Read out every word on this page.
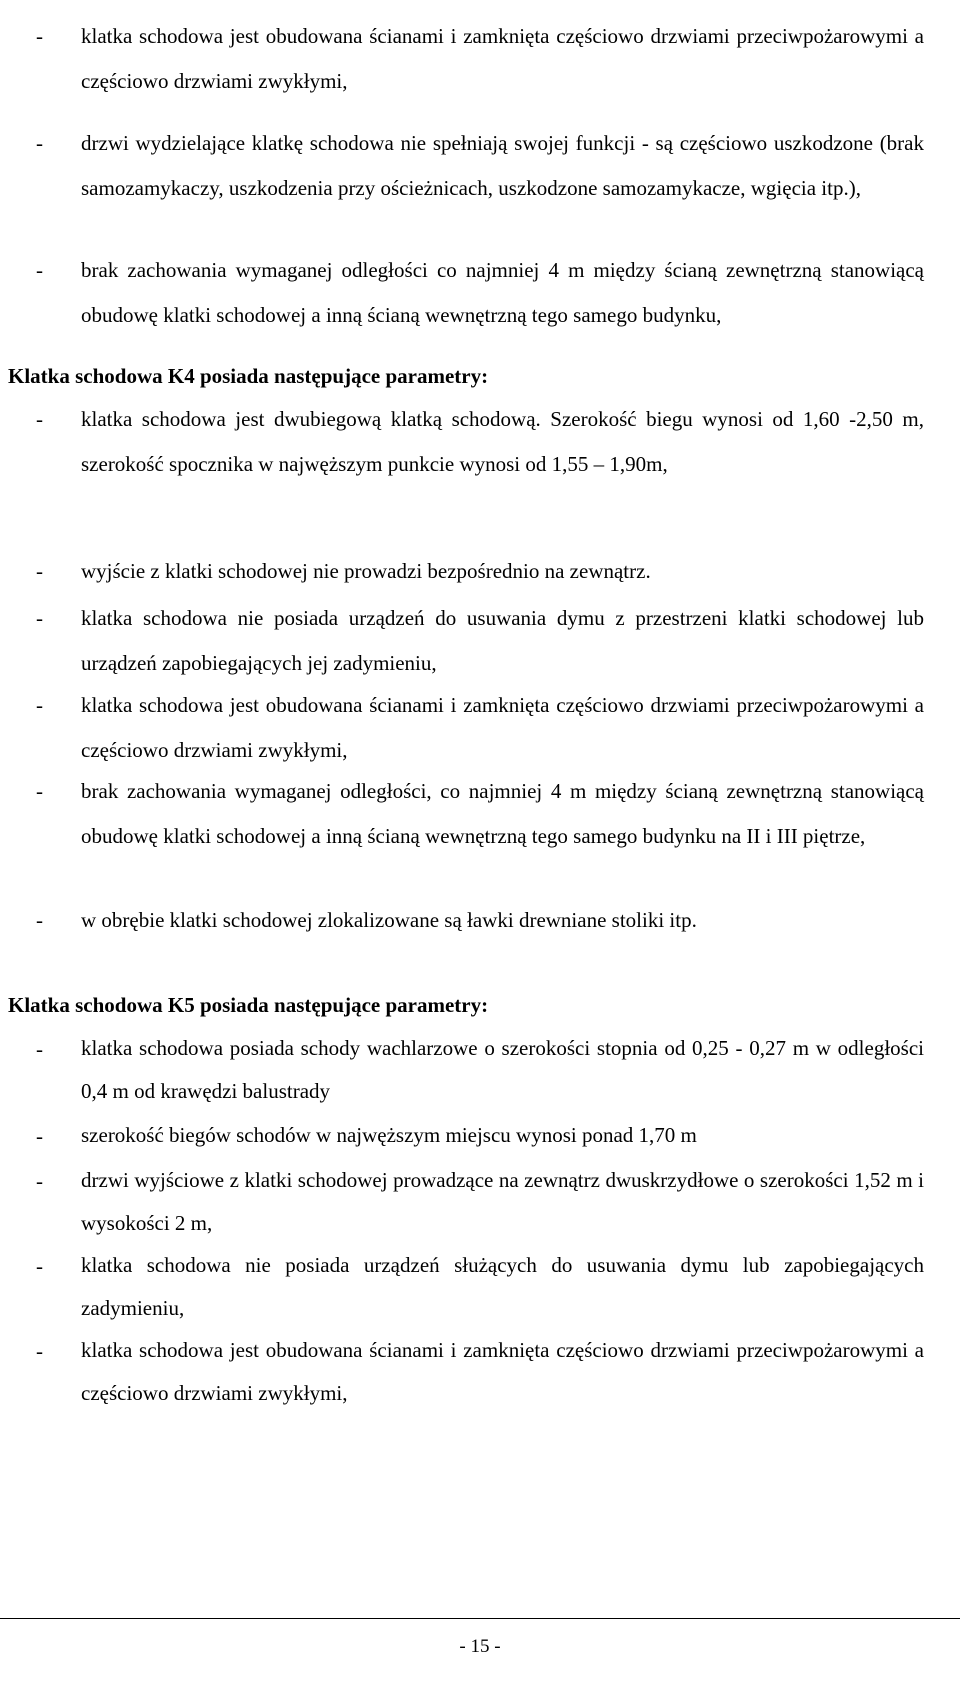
-	klatka schodowa jest obudowana ścianami i zamknięta częściowo drzwiami przeciwpożarowymi a częściowo drzwiami zwykłymi,
-	drzwi wydzielające klatkę schodowa nie spełniają swojej funkcji - są częściowo uszkodzone (brak samozamykaczy, uszkodzenia przy ościeżnicach, uszkodzone samozamykacze, wgięcia itp.),
-	brak zachowania wymaganej odległości co najmniej 4 m między ścianą zewnętrzną stanowiącą obudowę klatki schodowej a inną ścianą wewnętrzną tego samego budynku,
Klatka schodowa K4 posiada następujące parametry:
-	klatka schodowa jest dwubiegową klatką schodową. Szerokość biegu wynosi od 1,60 -2,50 m, szerokość spocznika w najwęższym punkcie wynosi od 1,55 – 1,90m,
-	wyjście z klatki schodowej nie prowadzi bezpośrednio na zewnątrz.
-	klatka schodowa nie posiada urządzeń do usuwania dymu z przestrzeni klatki schodowej lub urządzeń zapobiegających jej zadymieniu,
-	klatka schodowa jest obudowana ścianami i zamknięta częściowo drzwiami przeciwpożarowymi a częściowo drzwiami zwykłymi,
-	brak zachowania wymaganej odległości, co najmniej 4 m między ścianą zewnętrzną stanowiącą obudowę klatki schodowej a inną ścianą wewnętrzną tego samego budynku na II i III piętrze,
-	w obrębie klatki schodowej zlokalizowane są ławki drewniane stoliki itp.
Klatka schodowa K5 posiada następujące parametry:
-	klatka schodowa posiada schody wachlarzowe o szerokości stopnia od 0,25 - 0,27 m w odległości 0,4 m od krawędzi balustrady
-	szerokość biegów schodów w najwęższym miejscu wynosi ponad 1,70 m
-	drzwi wyjściowe z klatki schodowej prowadzące na zewnątrz dwuskrzydłowe o szerokości 1,52 m i wysokości 2 m,
-	klatka schodowa nie posiada urządzeń służących do usuwania dymu lub zapobiegających zadymieniu,
-	klatka schodowa jest obudowana ścianami i zamknięta częściowo drzwiami przeciwpożarowymi a częściowo drzwiami zwykłymi,
- 15 -
